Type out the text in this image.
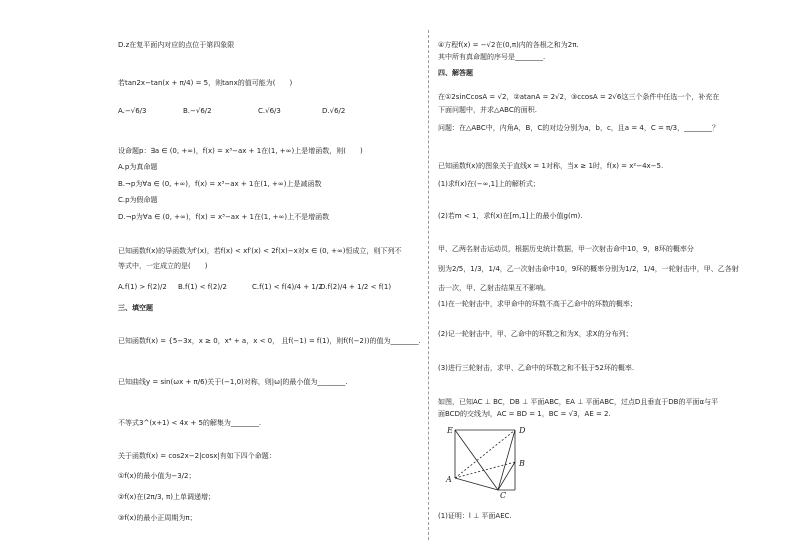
D.z在复平面内对应的点位于第四象限
若tan2x−tan(x + π/4) = 5，则tanx的值可能为(　　)
A.−√6/3	B.−√6/2	C.√6/3	D.√6/2
设命题p：∃a ∈ (0, +∞)，f(x) = x³−ax + 1在(1, +∞)上是增函数，则(　　)
A.p为真命题
B.¬p为∀a ∈ (0, +∞)，f(x) = x³−ax + 1在(1, +∞)上是减函数
C.p为假命题
D.¬p为∀a ∈ (0, +∞)，f(x) = x³−ax + 1在(1, +∞)上不是增函数
已知函数f(x)的导函数为f′(x)，若f(x) < xf′(x) < 2f(x)−x对x ∈ (0, +∞)恒成立，则下列不
等式中，一定成立的是(　　)
A.f(1) > f(2)/2 B.f(1) < f(2)/2	C.f(1) < f(4)/4 + 1/2
D.f(2)/4 + 1/2 < f(1)
三、填空题
已知函数f(x) = {5−3x，x ≥ 0，x⁴ + a，x < 0， 且f(−1) = f(1)，则f(f(−2))的值为________.
已知曲线y = sin(ωx + π/6)关于(−1,0)对称，则|ω|的最小值为________.
不等式3^(x+1) < 4x + 5的解集为________.
关于函数f(x) = cos2x−2|cosx|有如下四个命题：
①f(x)的最小值为−3/2；
②f(x)在(2π/3, π)上单调递增；
③f(x)的最小正周期为π；
④方程f(x) = −√2在(0,π)内的各根之和为2π.
其中所有真命题的序号是________.
四、解答题
在①2sinCcosA = √2，②atanA = 2√2，③ccosA = 2√6这三个条件中任选一个，补充在
下面问题中，并求△ABC的面积.
问题：在△ABC中，内角A，B，C的对边分别为a，b，c，且a = 4，C = π/3，________？
已知函数f(x)的图象关于直线x = 1对称，当x ≥ 1时，f(x) = x²−4x−5.
(1)求f(x)在(−∞,1]上的解析式；
(2)若m < 1，求f(x)在[m,1]上的最小值g(m).
甲、乙两名射击运动员，根据历史统计数据，甲一次射击命中10，9，8环的概率分
别为2/5，1/3，1/4，乙一次射击命中10，9环的概率分别为1/2，1/4，一轮射击中，甲、乙各射
击一次，甲、乙射击结果互不影响。
(1)在一轮射击中，求甲命中的环数不高于乙命中的环数的概率；
(2)记一轮射击中，甲、乙命中的环数之和为X，求X的分布列；
(3)进行三轮射击，求甲、乙命中的环数之和不低于52环的概率.
如图，已知AC ⊥ BC，DB ⊥ 平面ABC，EA ⊥ 平面ABC，过点D且垂直于DB的平面α与平
面BCD的交线为l，AC = BD = 1，BC = √3，AE = 2.
E	D
B
A
C
(1)证明：l ⊥ 平面AEC.
